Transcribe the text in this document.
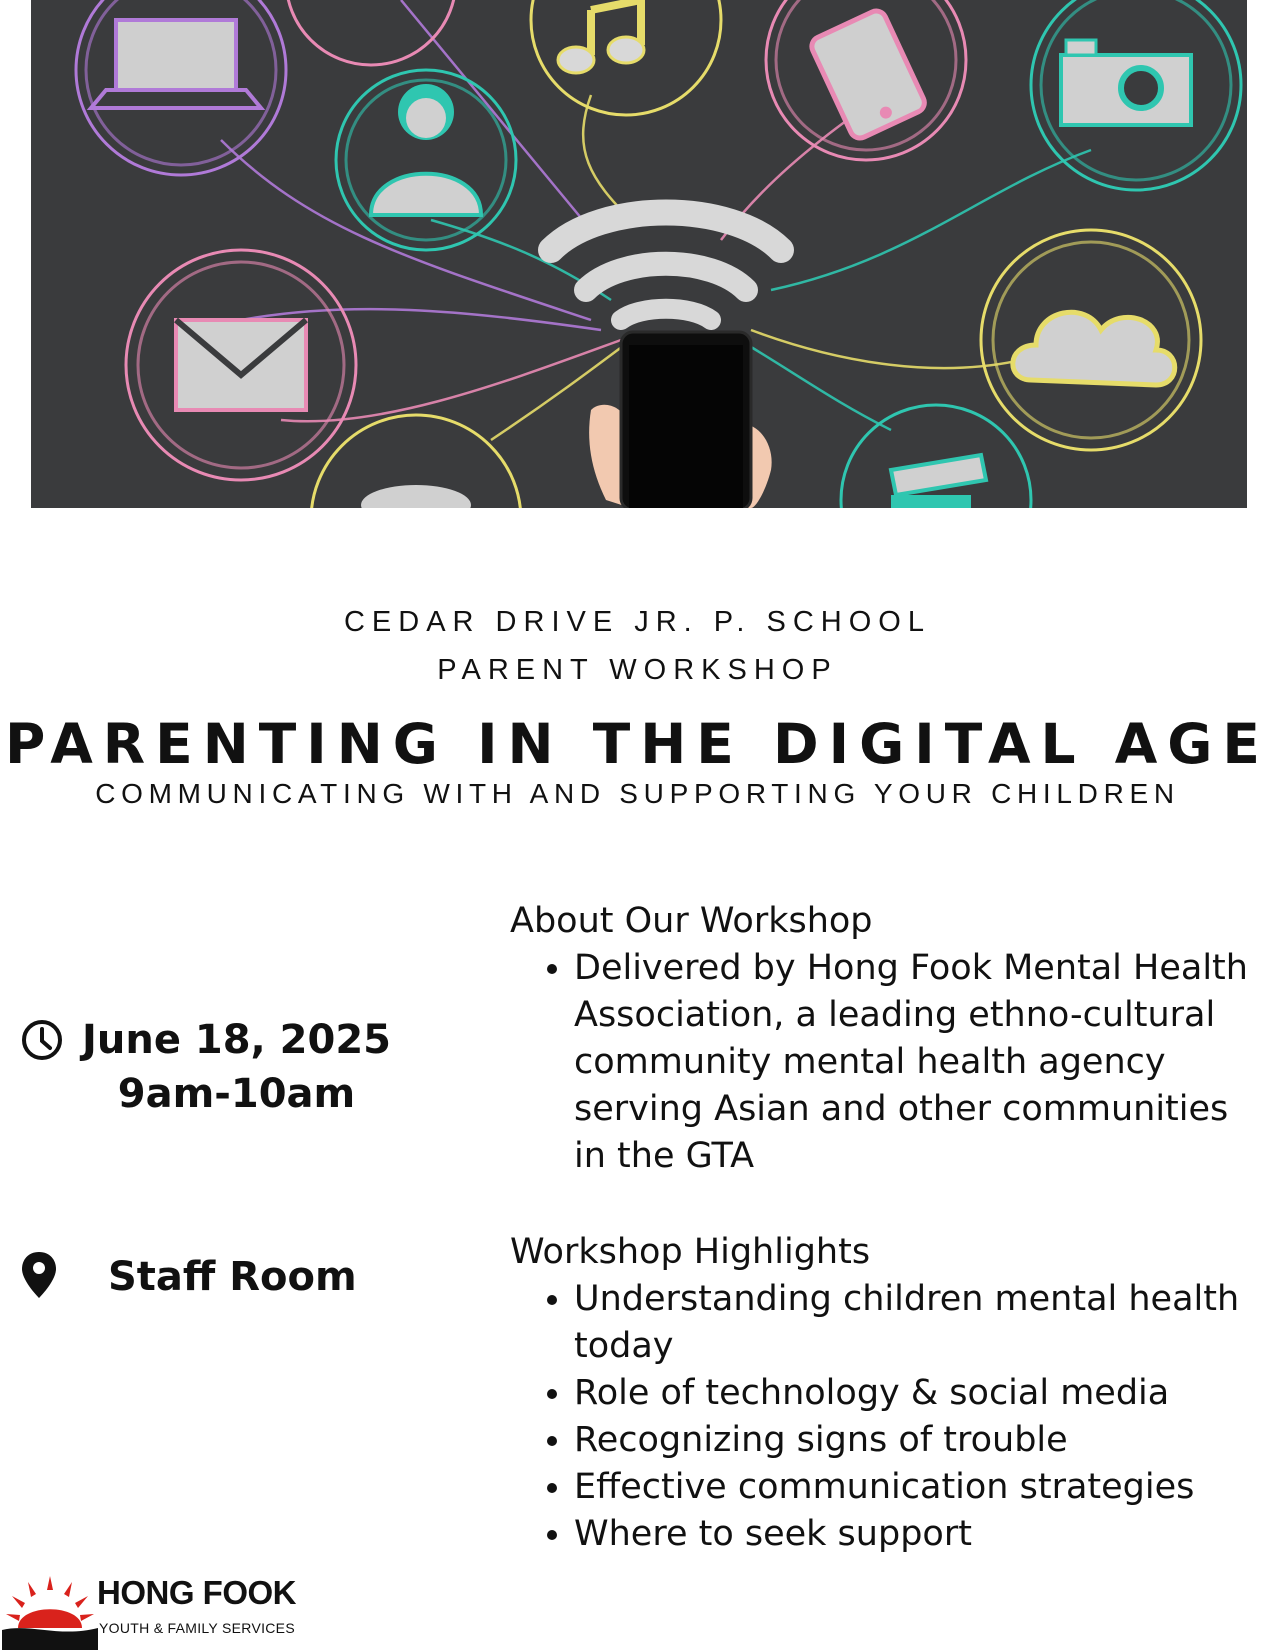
CEDAR DRIVE JR. P. SCHOOL
PARENT WORKSHOP
PARENTING IN THE DIGITAL AGE
COMMUNICATING WITH AND SUPPORTING YOUR CHILDREN
June 18, 2025
9am-10am
Staff Room
About Our Workshop
• Delivered by Hong Fook Mental Health Association, a leading ethno-cultural community mental health agency serving Asian and other communities in the GTA
Workshop Highlights
• Understanding children mental health today
• Role of technology & social media
• Recognizing signs of trouble
• Effective communication strategies
• Where to seek support
HONG FOOK
YOUTH & FAMILY SERVICES
